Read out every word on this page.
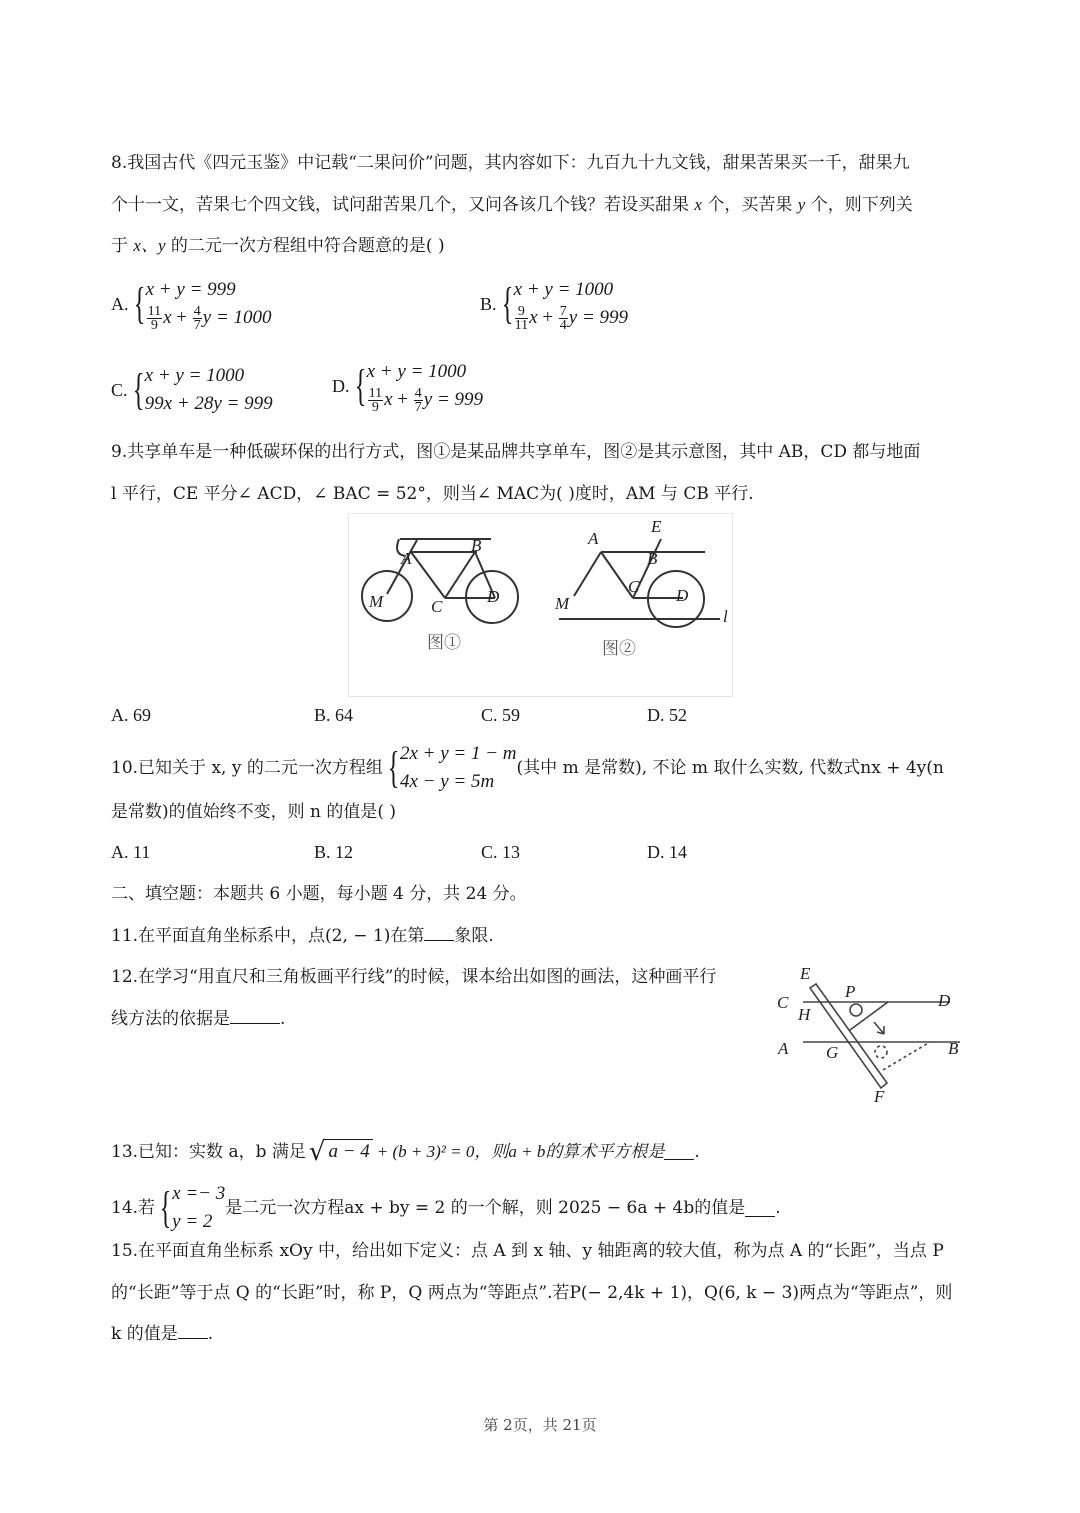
8.我国古代《四元玉鉴》中记载“二果问价”问题，其内容如下：九百九十九文钱，甜果苦果买一千，甜果九
个十一文，苦果七个四文钱，试问甜苦果几个，又问各该几个钱？若设买甜果 x 个，买苦果 y 个，则下列关
于 x、y 的二元一次方程组中符合题意的是( )
A. { x + y = 999
$\frac{11}{9}$ $x + \frac{4}{7}$ y = 1000
B. { x + y = 1000
$\frac{9}{11}$ $x + \frac{7}{4}$ y = 999
C. { x + y = 1000
99x + 28y = 999
D. { x + y = 1000
$\frac{11}{9}$ $x + \frac{4}{7}$ y = 999
9.共享单车是一种低碳环保的出行方式，图①是某品牌共享单车，图②是其示意图，其中 AB，CD 都与地面
l 平行，CE 平分∠ ACD，∠ BAC = 52°，则当∠ MAC为( )度时，AM 与 CB 平行.
A
B
C
D
M
A
B
C D
E
M
l
图①	图②
A. 69	B. 64	C. 59	D. 52
10.已知关于 x, y 的二元一次方程组 { 2x + y = 1 − m
4x − y = 5m
(其中 m 是常数), 不论 m 取什么实数, 代数式nx + 4y(n
是常数)的值始终不变，则 n 的值是( )
A. 11	B. 12	C. 13	D. 14
二、填空题：本题共 6 小题，每小题 4 分，共 24 分。
11.在平面直角坐标系中，点(2, − 1)在第 象限.
12.在学习“用直尺和三角板画平行线”的时候，课本给出如图的画法，这种画平行
线方法的依据是	.
E
P
C
H
D
A G	B
F
13.已知：实数 a，b 满足 √ a − 4 + (b + 3)² = 0，则a + b的算术平方根是 .
14.若 { x =− 3
y = 2
是二元一次方程ax + by = 2 的一个解，则 2025 − 6a + 4b的值是 .
15.在平面直角坐标系 xOy 中，给出如下定义：点 A 到 x 轴、y 轴距离的较大值，称为点 A 的“长距”，当点 P
的“长距”等于点 Q 的“长距”时，称 P，Q 两点为“等距点”.若P(− 2,4k + 1)，Q(6, k − 3)两点为“等距点”，则
k 的值是 .
第 2页，共 21页
